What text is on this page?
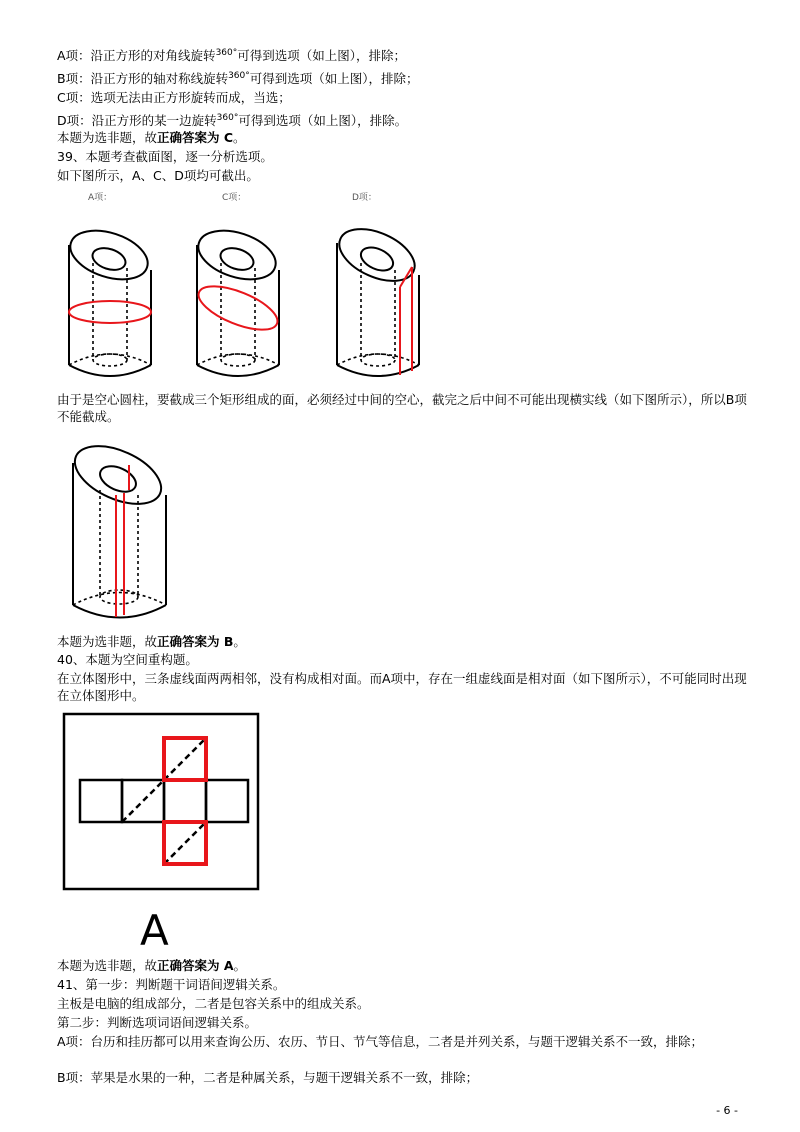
A项：沿正方形的对角线旋转$^{360^\circ}$可得到选项（如上图），排除；
B项：沿正方形的轴对称线旋转$^{360^\circ}$可得到选项（如上图），排除；
C项：选项无法由正方形旋转而成，当选；
D项：沿正方形的某一边旋转$^{360^\circ}$可得到选项（如上图），排除。
本题为选非题，故正确答案为 C。
39、本题考查截面图，逐一分析选项。
如下图所示，A、C、D项均可截出。
A项：	C项：	D项：
由于是空心圆柱，要截成三个矩形组成的面，必须经过中间的空心，截完之后中间不可能出现横实线（如下图所示），所以B项不能截成。
本题为选非题，故正确答案为 B。
40、本题为空间重构题。
在立体图形中，三条虚线面两两相邻，没有构成相对面。而A项中，存在一组虚线面是相对面（如下图所示），不可能同时出现在立体图形中。
A
本题为选非题，故正确答案为 A。
41、第一步：判断题干词语间逻辑关系。
主板是电脑的组成部分，二者是包容关系中的组成关系。
第二步：判断选项词语间逻辑关系。
A项：台历和挂历都可以用来查询公历、农历、节日、节气等信息，二者是并列关系，与题干逻辑关系不一致，排除；
B项：苹果是水果的一种，二者是种属关系，与题干逻辑关系不一致，排除；
- 6 -
